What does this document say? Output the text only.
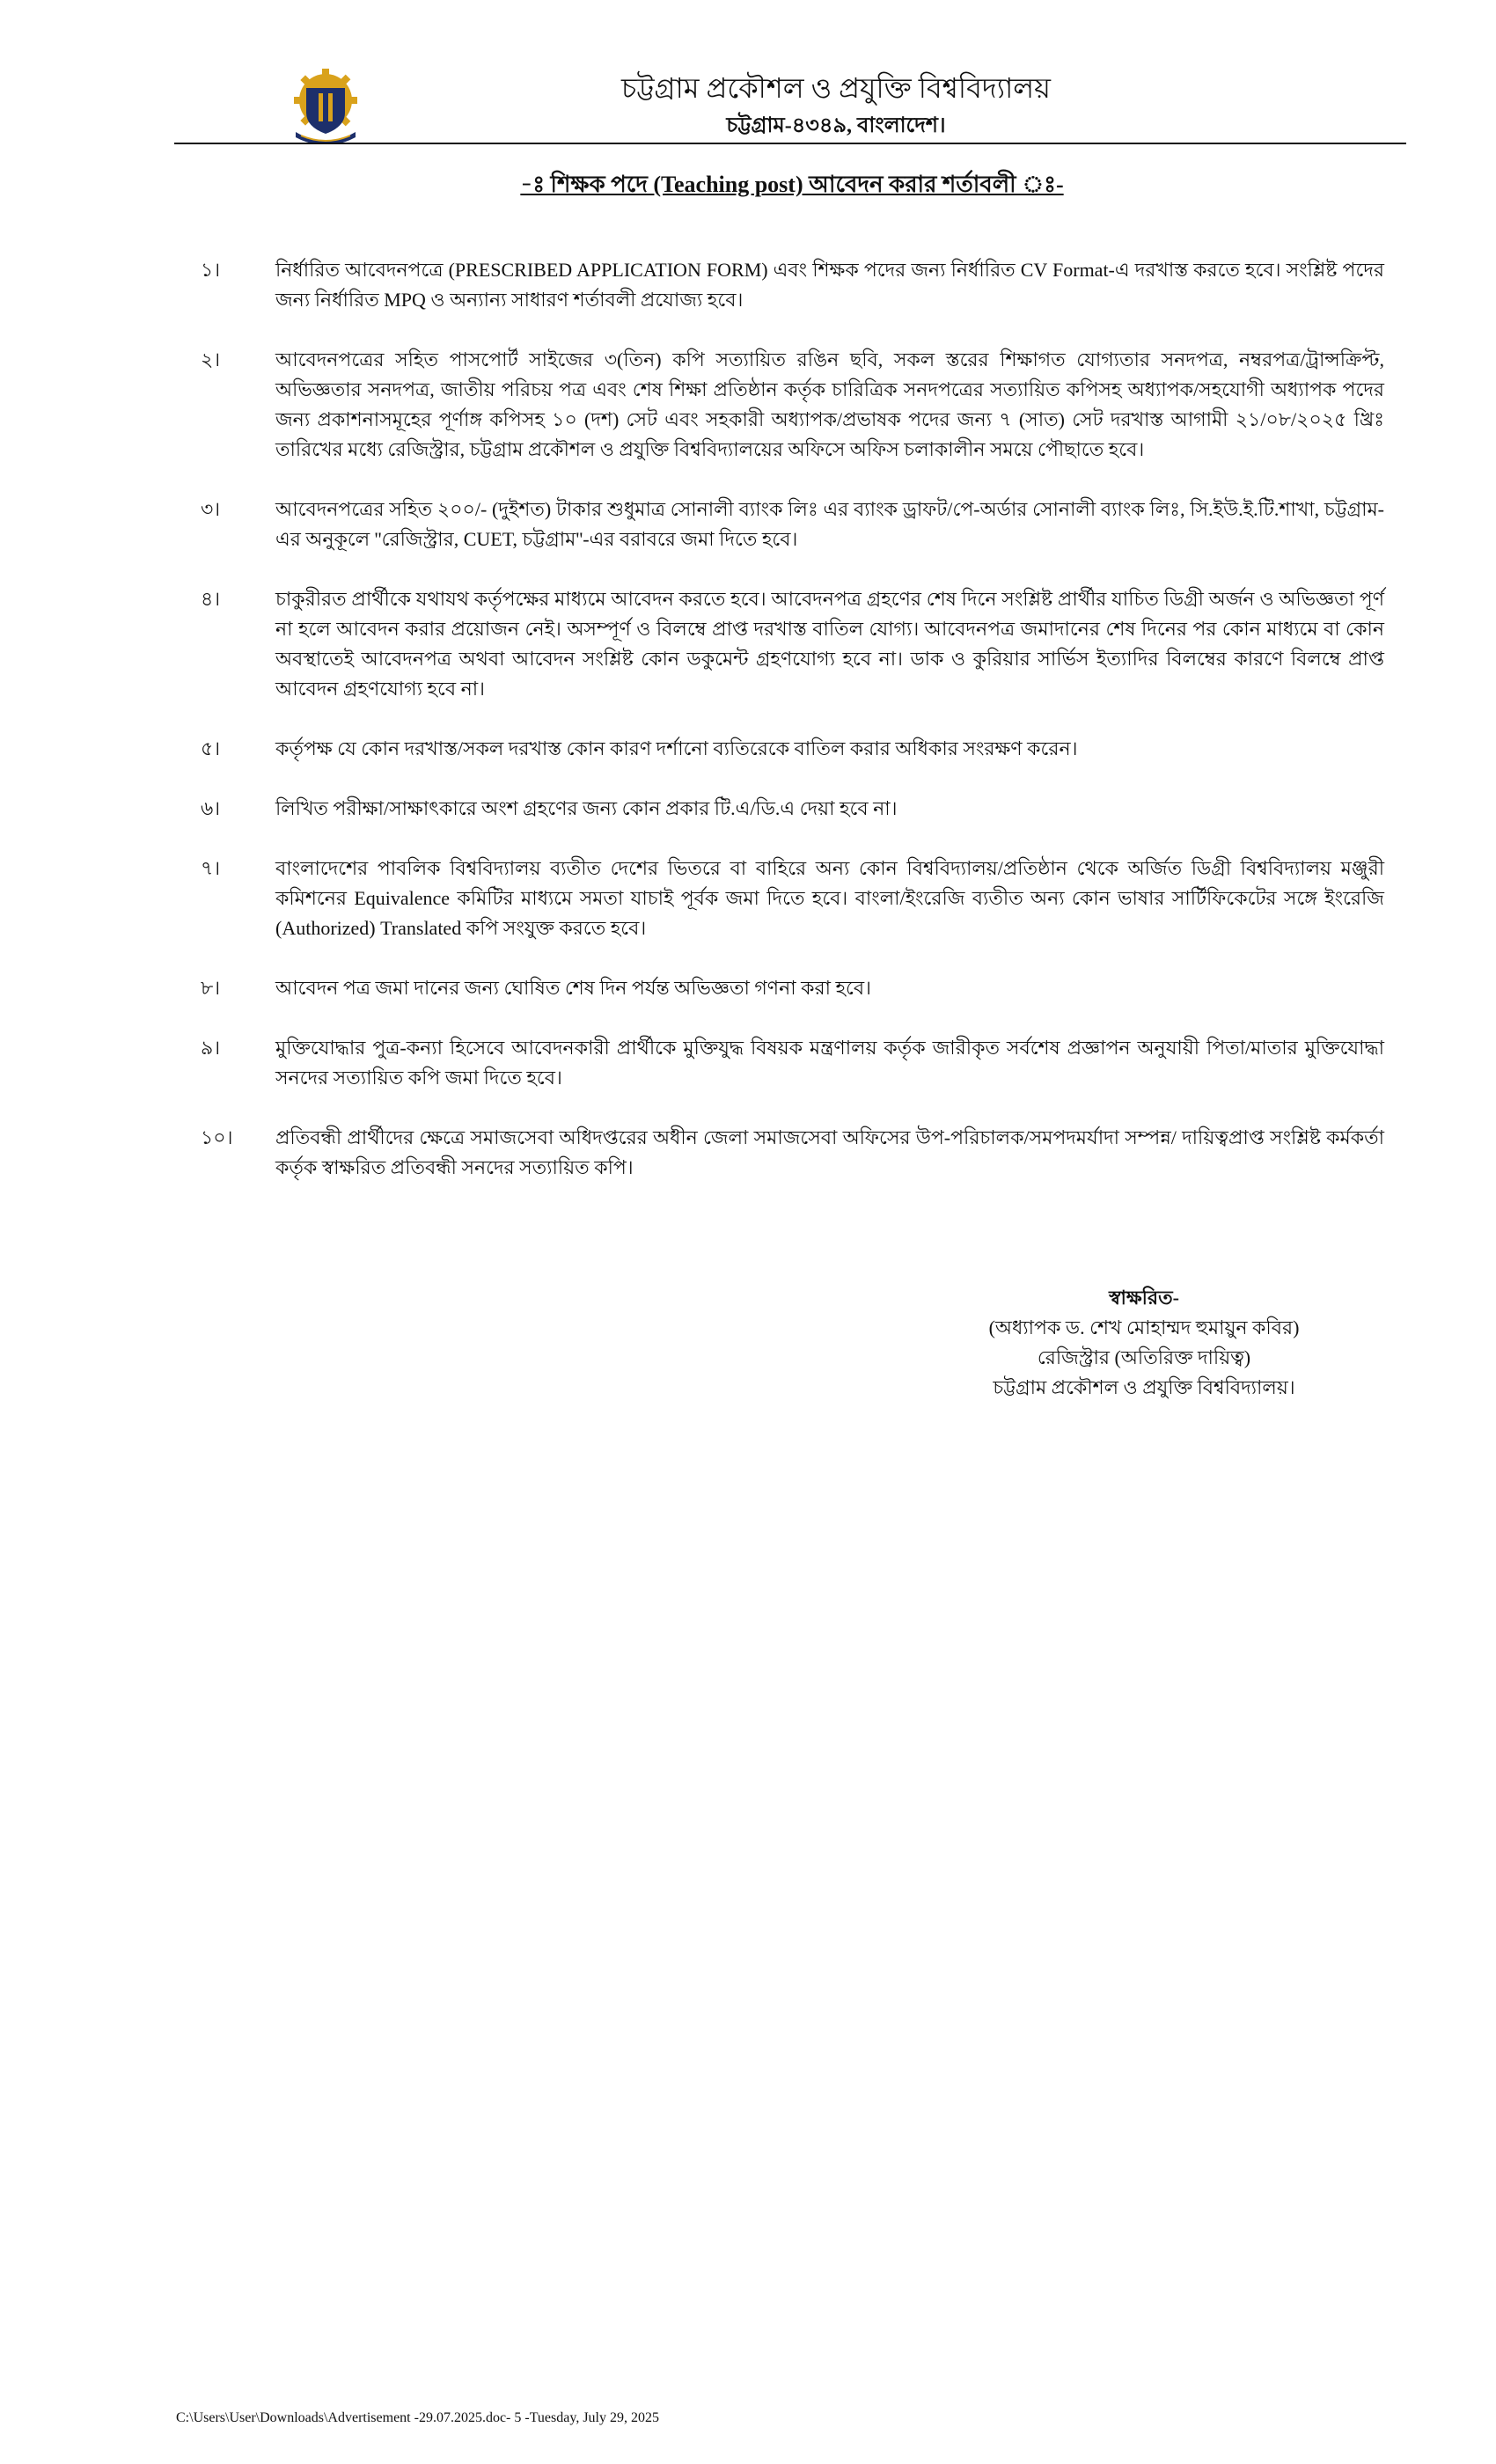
চট্টগ্রাম প্রকৌশল ও প্রযুক্তি বিশ্ববিদ্যালয়
চট্টগ্রাম-৪৩৪৯, বাংলাদেশ।
-ঃ শিক্ষক পদে (Teaching post) আবেদন করার শর্তাবলী ঃ-
১।	নির্ধারিত আবেদনপত্রে (PRESCRIBED APPLICATION FORM) এবং শিক্ষক পদের জন্য নির্ধারিত CV Format-এ দরখাস্ত করতে হবে। সংশ্লিষ্ট পদের জন্য নির্ধারিত MPQ ও অন্যান্য সাধারণ শর্তাবলী প্রযোজ্য হবে।
২।	আবেদনপত্রের সহিত পাসপোর্ট সাইজের ৩(তিন) কপি সত্যায়িত রঙিন ছবি, সকল স্তরের শিক্ষাগত যোগ্যতার সনদপত্র, নম্বরপত্র/ট্রান্সক্রিপ্ট, অভিজ্ঞতার সনদপত্র, জাতীয় পরিচয় পত্র এবং শেষ শিক্ষা প্রতিষ্ঠান কর্তৃক চারিত্রিক সনদপত্রের সত্যায়িত কপিসহ অধ্যাপক/সহযোগী অধ্যাপক পদের জন্য প্রকাশনাসমূহের পূর্ণাঙ্গ কপিসহ ১০ (দশ) সেট এবং সহকারী অধ্যাপক/প্রভাষক পদের জন্য ৭ (সাত) সেট দরখাস্ত আগামী ২১/০৮/২০২৫ খ্রিঃ তারিখের মধ্যে রেজিস্ট্রার, চট্টগ্রাম প্রকৌশল ও প্রযুক্তি বিশ্ববিদ্যালয়ের অফিসে অফিস চলাকালীন সময়ে পৌছাতে হবে।
৩।	আবেদনপত্রের সহিত ২০০/- (দুইশত) টাকার শুধুমাত্র সোনালী ব্যাংক লিঃ এর ব্যাংক ড্রাফট/পে-অর্ডার সোনালী ব্যাংক লিঃ, সি.ইউ.ই.টি.শাখা, চট্টগ্রাম-এর অনুকূলে ''রেজিস্ট্রার, CUET, চট্টগ্রাম''-এর বরাবরে জমা দিতে হবে।
৪।	চাকুরীরত প্রার্থীকে যথাযথ কর্তৃপক্ষের মাধ্যমে আবেদন করতে হবে। আবেদনপত্র গ্রহণের শেষ দিনে সংশ্লিষ্ট প্রার্থীর যাচিত ডিগ্রী অর্জন ও অভিজ্ঞতা পূর্ণ না হলে আবেদন করার প্রয়োজন নেই। অসম্পূর্ণ ও বিলম্বে প্রাপ্ত দরখাস্ত বাতিল যোগ্য। আবেদনপত্র জমাদানের শেষ দিনের পর কোন মাধ্যমে বা কোন অবস্থাতেই আবেদনপত্র অথবা আবেদন সংশ্লিষ্ট কোন ডকুমেন্ট গ্রহণযোগ্য হবে না। ডাক ও কুরিয়ার সার্ভিস ইত্যাদির বিলম্বের কারণে বিলম্বে প্রাপ্ত আবেদন গ্রহণযোগ্য হবে না।
৫।	কর্তৃপক্ষ যে কোন দরখাস্ত/সকল দরখাস্ত কোন কারণ দর্শানো ব্যতিরেকে বাতিল করার অধিকার সংরক্ষণ করেন।
৬।	লিখিত পরীক্ষা/সাক্ষাৎকারে অংশ গ্রহণের জন্য কোন প্রকার টি.এ/ডি.এ দেয়া হবে না।
৭।	বাংলাদেশের পাবলিক বিশ্ববিদ্যালয় ব্যতীত দেশের ভিতরে বা বাহিরে অন্য কোন বিশ্ববিদ্যালয়/প্রতিষ্ঠান থেকে অর্জিত ডিগ্রী বিশ্ববিদ্যালয় মঞ্জুরী কমিশনের Equivalence কমিটির মাধ্যমে সমতা যাচাই পূর্বক জমা দিতে হবে। বাংলা/ইংরেজি ব্যতীত অন্য কোন ভাষার সার্টিফিকেটের সঙ্গে ইংরেজি (Authorized) Translated কপি সংযুক্ত করতে হবে।
৮।	আবেদন পত্র জমা দানের জন্য ঘোষিত শেষ দিন পর্যন্ত অভিজ্ঞতা গণনা করা হবে।
৯।	মুক্তিযোদ্ধার পুত্র-কন্যা হিসেবে আবেদনকারী প্রার্থীকে মুক্তিযুদ্ধ বিষয়ক মন্ত্রণালয় কর্তৃক জারীকৃত সর্বশেষ প্রজ্ঞাপন অনুযায়ী পিতা/মাতার মুক্তিযোদ্ধা সনদের সত্যায়িত কপি জমা দিতে হবে।
১০।	প্রতিবন্ধী প্রার্থীদের ক্ষেত্রে সমাজসেবা অধিদপ্তরের অধীন জেলা সমাজসেবা অফিসের উপ-পরিচালক/সমপদমর্যাদা সম্পন্ন/ দায়িত্বপ্রাপ্ত সংশ্লিষ্ট কর্মকর্তা কর্তৃক স্বাক্ষরিত প্রতিবন্ধী সনদের সত্যায়িত কপি।
স্বাক্ষরিত-
(অধ্যাপক ড. শেখ মোহাম্মদ হুমায়ুন কবির)
রেজিস্ট্রার (অতিরিক্ত দায়িত্ব)
চট্টগ্রাম প্রকৌশল ও প্রযুক্তি বিশ্ববিদ্যালয়।
C:\Users\User\Downloads\Advertisement -29.07.2025.doc- 5 -Tuesday, July 29, 2025
